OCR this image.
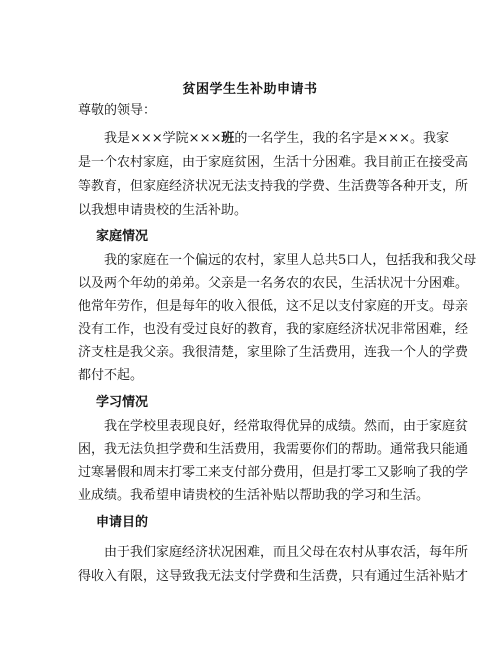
贫困学生生补助申请书
尊敬的领导：
我是×××学院×××班的一名学生，我的名字是×××。我家
是一个农村家庭，由于家庭贫困，生活十分困难。我目前正在接受高
等教育，但家庭经济状况无法支持我的学费、生活费等各种开支，所
以我想申请贵校的生活补助。
家庭情况
我的家庭在一个偏远的农村，家里人总共5口人，包括我和我父母
以及两个年幼的弟弟。父亲是一名务农的农民，生活状况十分困难。
他常年劳作，但是每年的收入很低，这不足以支付家庭的开支。母亲
没有工作，也没有受过良好的教育，我的家庭经济状况非常困难，经
济支柱是我父亲。我很清楚，家里除了生活费用，连我一个人的学费
都付不起。
学习情况
我在学校里表现良好，经常取得优异的成绩。然而，由于家庭贫
困，我无法负担学费和生活费用，我需要你们的帮助。通常我只能通
过寒暑假和周末打零工来支付部分费用，但是打零工又影响了我的学
业成绩。我希望申请贵校的生活补贴以帮助我的学习和生活。
申请目的
由于我们家庭经济状况困难，而且父母在农村从事农活，每年所
得收入有限，这导致我无法支付学费和生活费，只有通过生活补贴才
